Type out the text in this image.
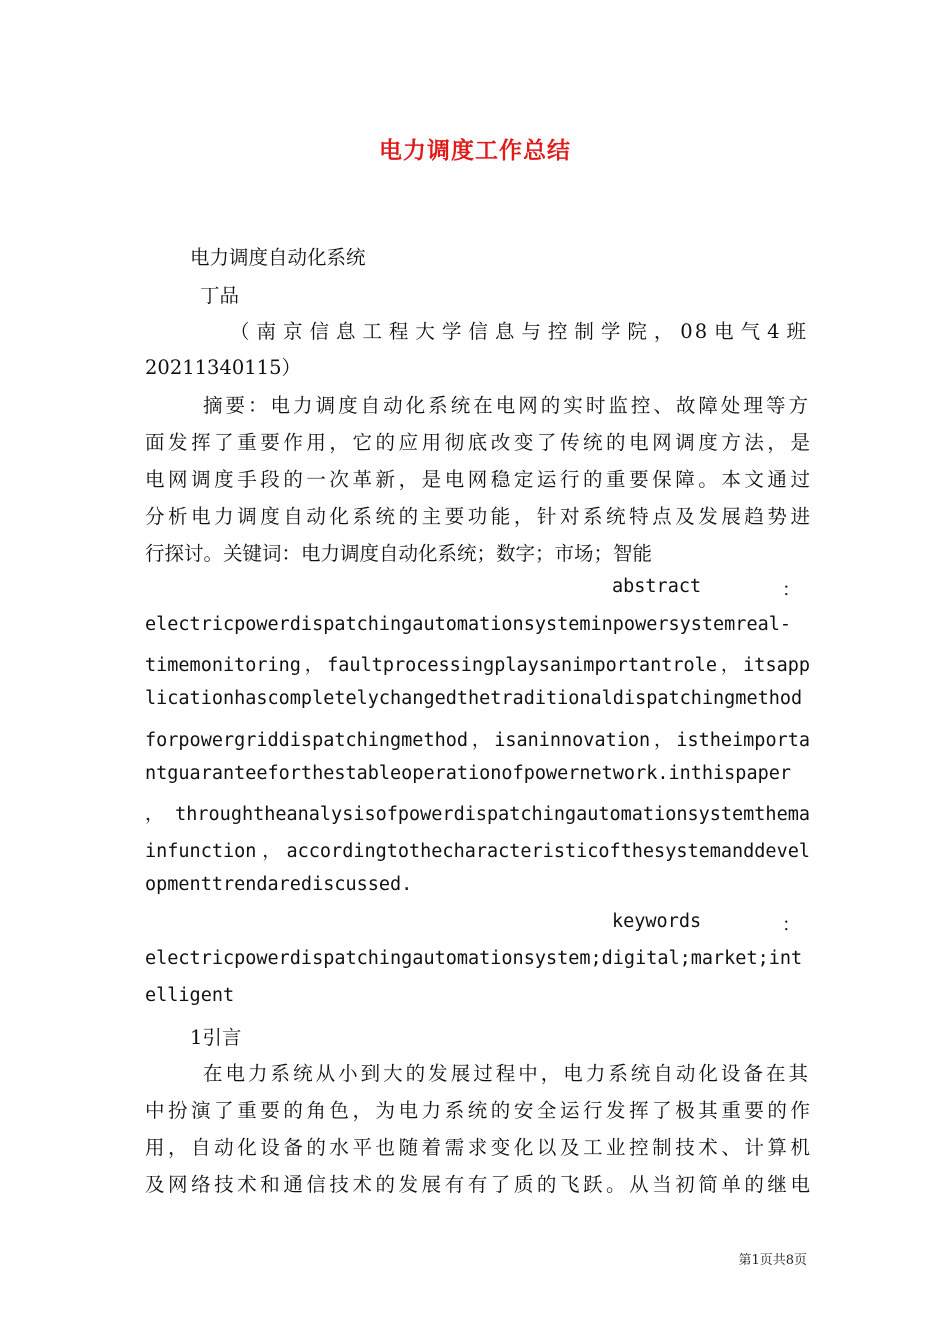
电力调度工作总结
电力调度自动化系统
丁品
（南京信息工程大学信息与控制学院，08电气4班
20211340115）
摘要：电力调度自动化系统在电网的实时监控、故障处理等方
面发挥了重要作用，它的应用彻底改变了传统的电网调度方法，是
电网调度手段的一次革新，是电网稳定运行的重要保障。本文通过
分析电力调度自动化系统的主要功能，针对系统特点及发展趋势进
行探讨。关键词：电力调度自动化系统；数字；市场；智能
abstract	：
electricpowerdispatchingautomationsysteminpowersystemreal-
timemonitoring，faultprocessingplaysanimportantrole，itsapp
licationhascompletelychangedthetraditionaldispatchingmethod
forpowergriddispatchingmethod，isaninnovation，istheimporta
ntguaranteeforthestableoperationofpowernetwork.inthispaper
，throughtheanalysisofpowerdispatchingautomationsystemthema
infunction，accordingtothecharacteristicofthesystemanddevel
opmenttrendarediscussed.
keywords	：
electricpowerdispatchingautomationsystem;digital;market;int
elligent
1引言
在电力系统从小到大的发展过程中，电力系统自动化设备在其
中扮演了重要的角色，为电力系统的安全运行发挥了极其重要的作
用，自动化设备的水平也随着需求变化以及工业控制技术、计算机
及网络技术和通信技术的发展有有了质的飞跃。从当初简单的继电
第1页共8页
